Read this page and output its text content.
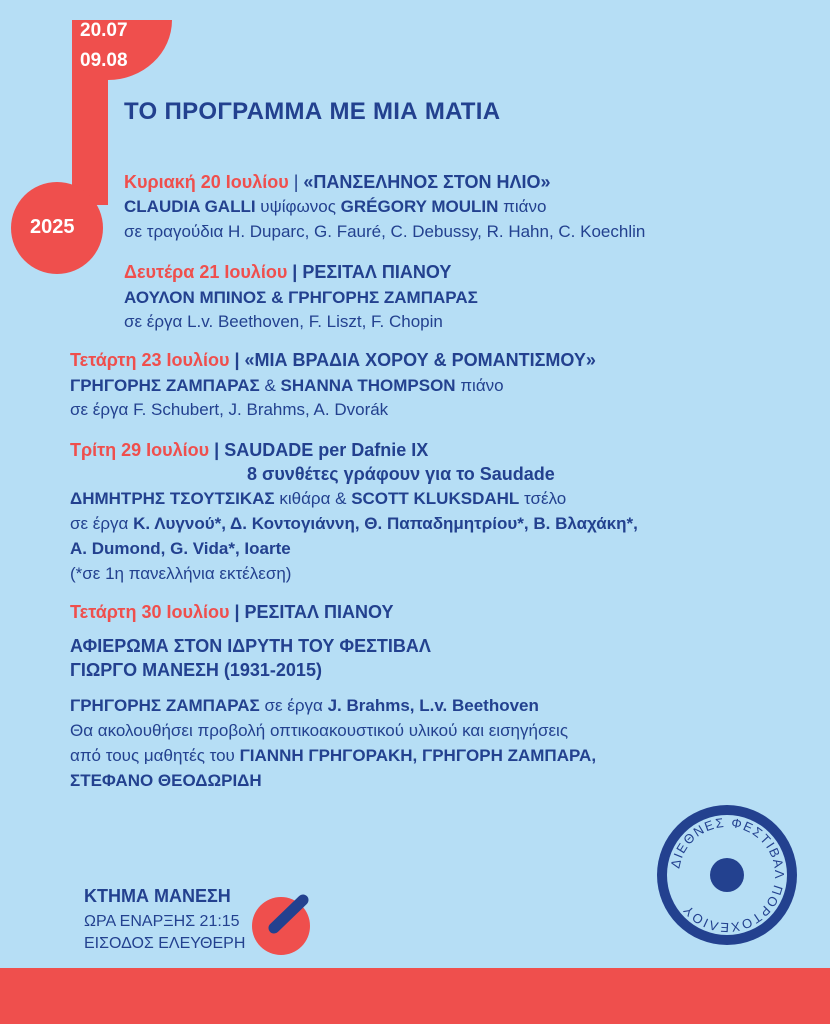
20.07
09.08
2025
ΤΟ ΠΡΟΓΡΑΜΜΑ ΜΕ ΜΙΑ ΜΑΤΙΑ
Κυριακή 20 Ιουλίου | «ΠΑΝΣΕΛΗΝΟΣ ΣΤΟΝ ΗΛΙΟ»
CLAUDIA GALLI υψίφωνος GRÉGORY MOULIN πιάνο
σε τραγούδια H. Duparc, G. Fauré, C. Debussy, R. Hahn, C. Koechlin
Δευτέρα 21 Ιουλίου | ΡΕΣΙΤΑΛ ΠΙΑΝΟΥ
ΑΟΥΛΟΝ ΜΠΙΝΟΣ & ΓΡΗΓΟΡΗΣ ΖΑΜΠΑΡΑΣ
σε έργα L.v. Beethoven, F. Liszt, F. Chopin
Τετάρτη 23 Ιουλίου | «ΜΙΑ ΒΡΑΔΙΑ ΧΟΡΟΥ & ΡΟΜΑΝΤΙΣΜΟΥ»
ΓΡΗΓΟΡΗΣ ΖΑΜΠΑΡΑΣ & SHANNA THOMPSON πιάνο
σε έργα F. Schubert, J. Brahms, A. Dvorák
Τρίτη 29 Ιουλίου | SAUDADE per Dafnie IX
8 συνθέτες γράφουν για το Saudade
ΔΗΜΗΤΡΗΣ ΤΣΟΥΤΣΙΚΑΣ κιθάρα & SCOTT KLUKSDAHL τσέλο
σε έργα Κ. Λυγνού*, Δ. Κοντογιάννη, Θ. Παπαδημητρίου*, Β. Βλαχάκη*,
A. Dumond, G. Vida*, Ioarte
(*σε 1η πανελλήνια εκτέλεση)
Τετάρτη 30 Ιουλίου | ΡΕΣΙΤΑΛ ΠΙΑΝΟΥ
ΑΦΙΕΡΩΜΑ ΣΤΟΝ ΙΔΡΥΤΗ ΤΟΥ ΦΕΣΤΙΒΑΛ
ΓΙΩΡΓΟ ΜΑΝΕΣΗ (1931-2015)
ΓΡΗΓΟΡΗΣ ΖΑΜΠΑΡΑΣ σε έργα J. Brahms, L.v. Beethoven
Θα ακολουθήσει προβολή οπτικοακουστικού υλικού και εισηγήσεις
από τους μαθητές του ΓΙΑΝΝΗ ΓΡΗΓΟΡΑΚΗ, ΓΡΗΓΟΡΗ ΖΑΜΠΑΡΑ,
ΣΤΕΦΑΝΟ ΘΕΟΔΩΡΙΔΗ
ΚΤΗΜΑ ΜΑΝΕΣΗ
ΩΡΑ ΕΝΑΡΞΗΣ 21:15
ΕΙΣΟΔΟΣ ΕΛΕΥΘΕΡΗ
ΔΙΕΘΝΕΣ ΦΕΣΤΙΒΑΛ ΠΟΡΤΟΧΕΛΙΟΥ
